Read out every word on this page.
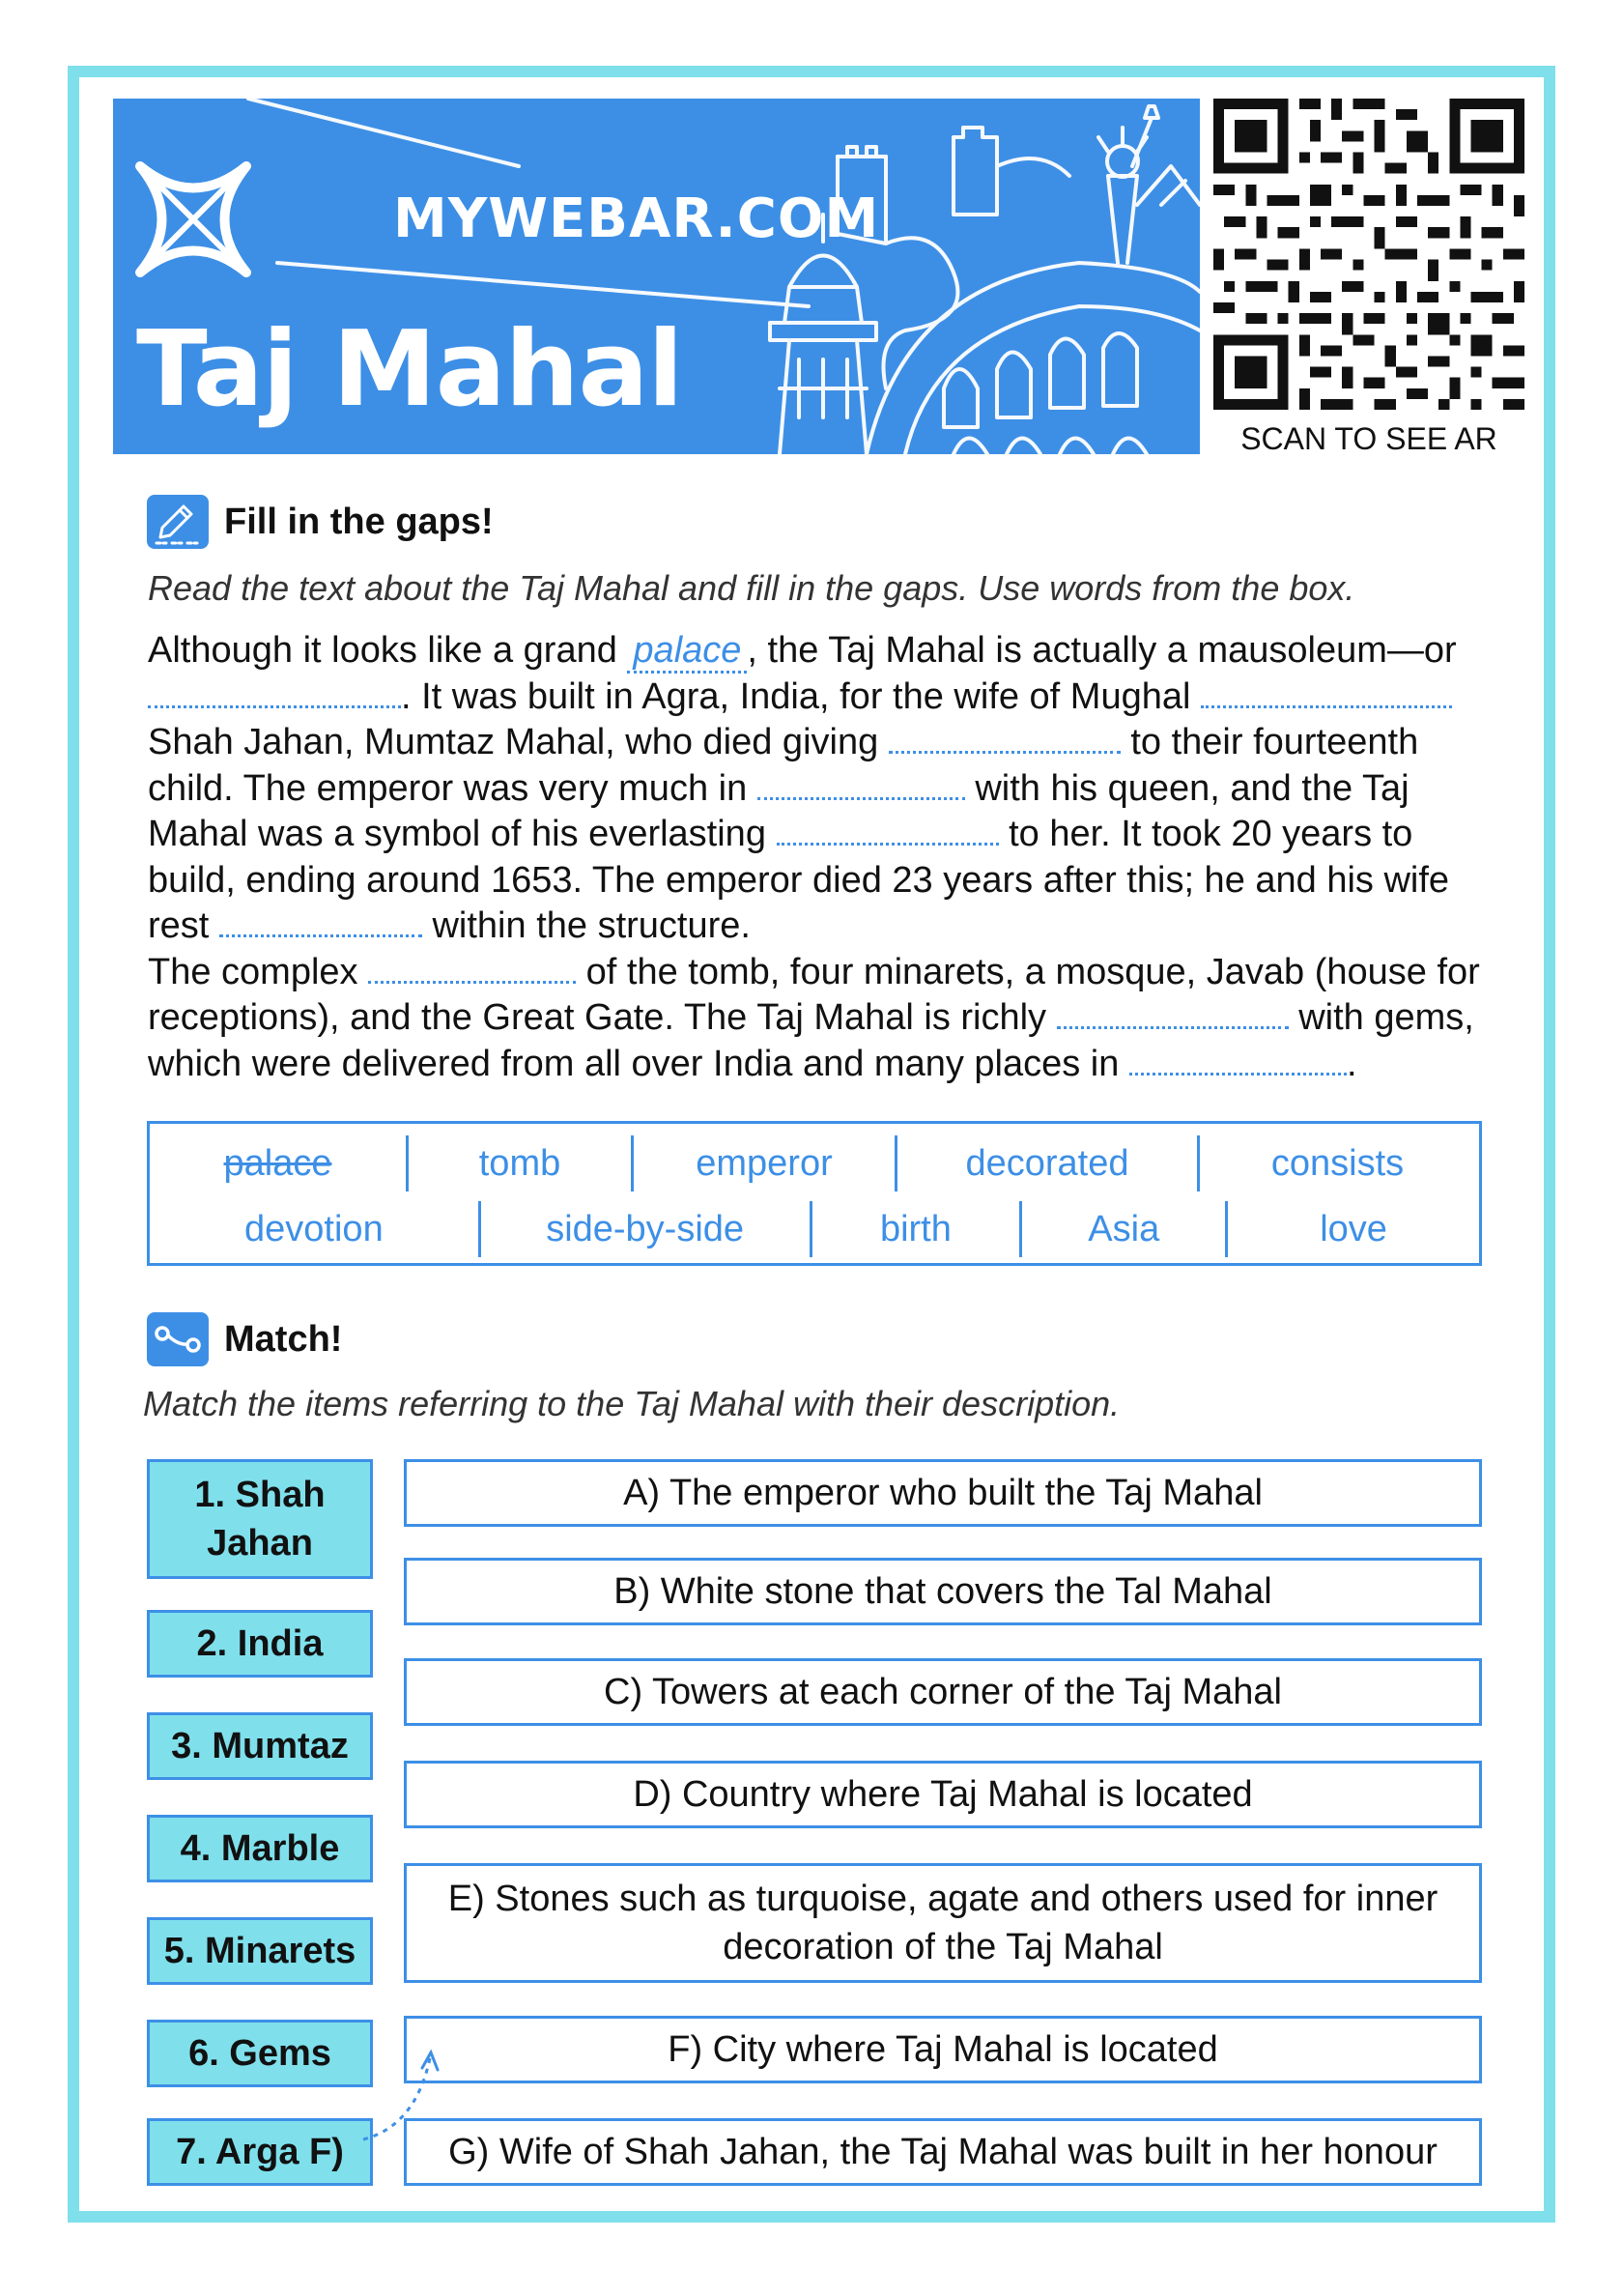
MYWEBAR.COM
Taj Mahal
SCAN TO SEE AR
Fill in the gaps!
Read the text about the Taj Mahal and fill in the gaps. Use words from the box.
Although it looks like a grand palace , the Taj Mahal is actually a mausoleum—or . It was built in Agra, India, for the wife of Mughal  Shah Jahan, Mumtaz Mahal, who died giving	to their fourteenth child. The emperor was very much in	with his queen, and the Taj Mahal was a symbol of his everlasting	to her. It took 20 years to build, ending around 1653. The emperor died 23 years after this; he and his wife rest	within the structure.
The complex	of the tomb, four minarets, a mosque, Javab (house for receptions), and the Great Gate. The Taj Mahal is richly	with gems, which were delivered from all over India and many places in	.
palace	tomb	emperor	decorated	consists
devotion	side-by-side	birth	Asia	love
Match!
Match the items referring to the Taj Mahal with their description.
1. Shah Jahan
2. India
3. Mumtaz
4. Marble
5. Minarets
6. Gems
7. Arga F)
A) The emperor who built the Taj Mahal
B) White stone that covers the Tal Mahal
C) Towers at each corner of the Taj Mahal
D) Country where Taj Mahal is located
E) Stones such as turquoise, agate and others used for inner decoration of the Taj Mahal
F) City where Taj Mahal is located
G) Wife of Shah Jahan, the Taj Mahal was built in her honour
